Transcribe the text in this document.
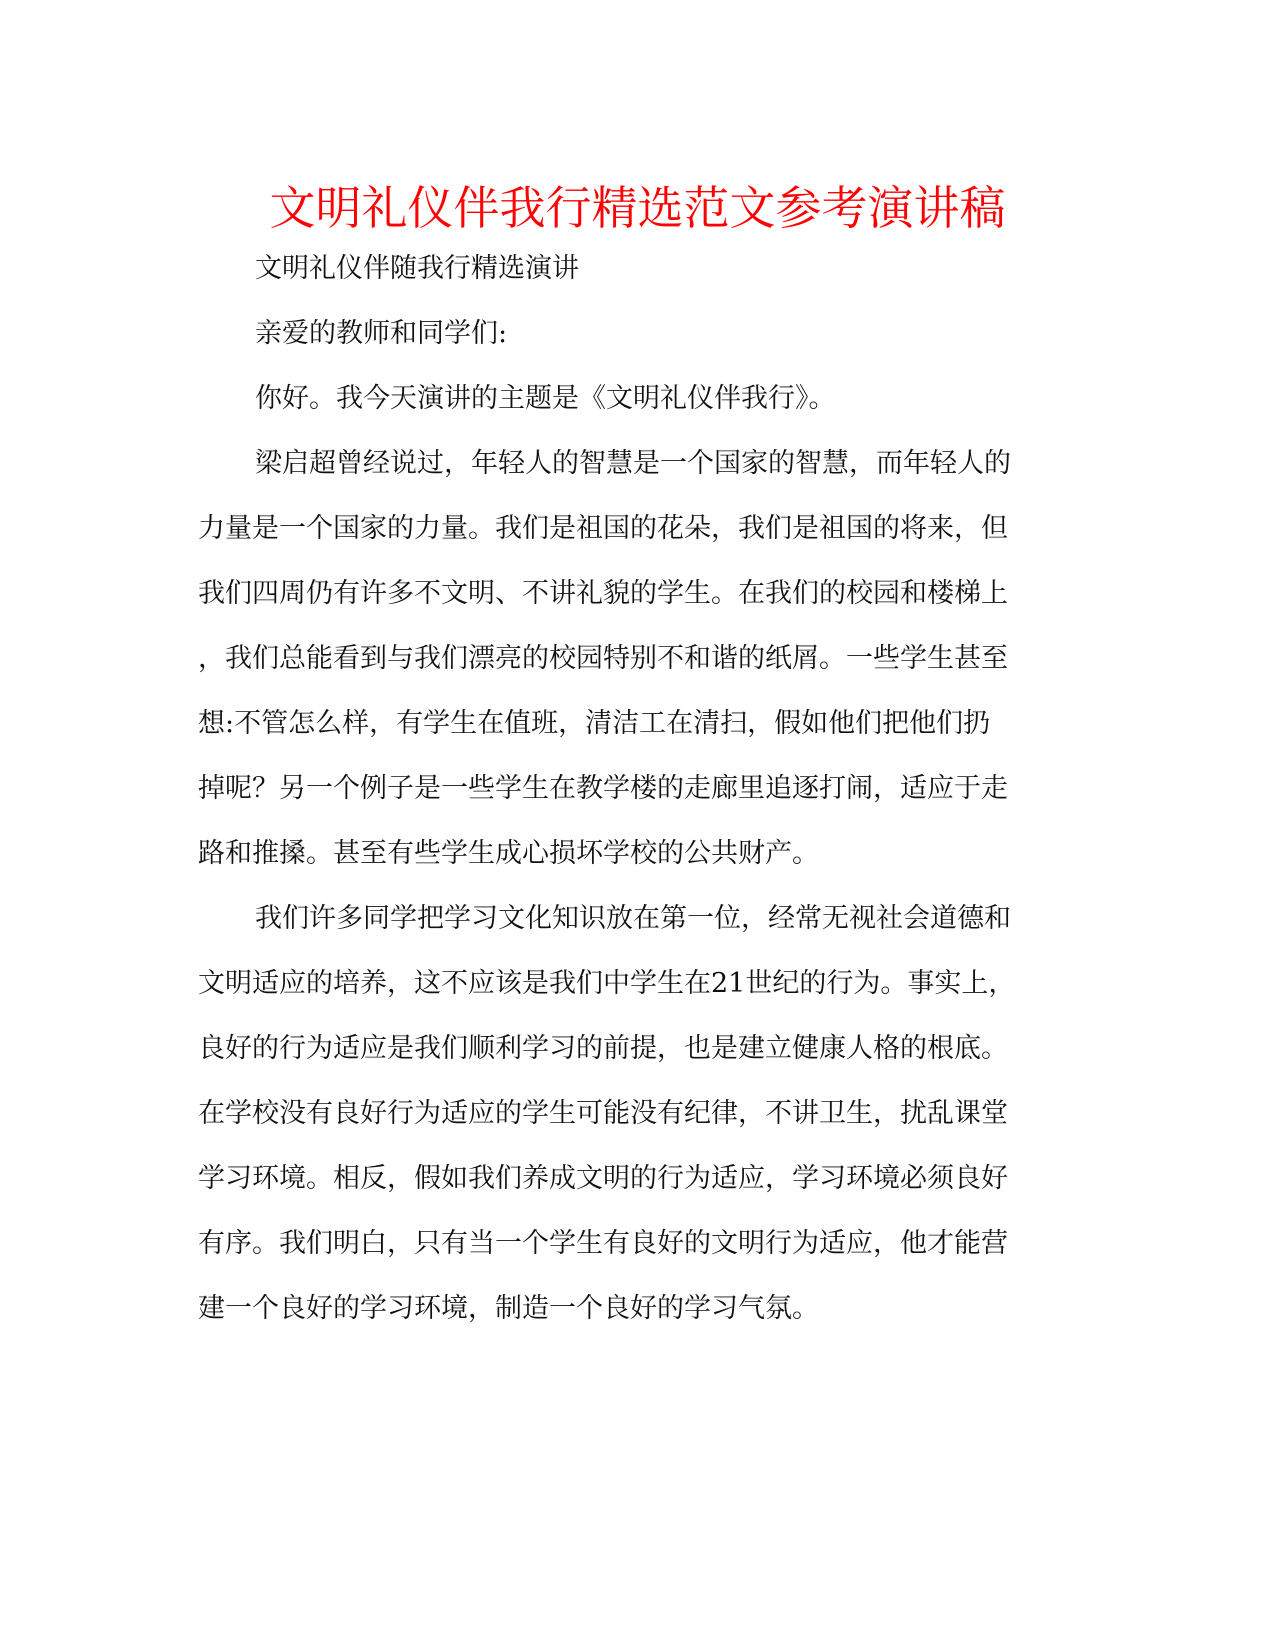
文明礼仪伴我行精选范文参考演讲稿
文明礼仪伴随我行精选演讲
亲爱的教师和同学们:
你好。我今天演讲的主题是《文明礼仪伴我行》。
梁启超曾经说过，年轻人的智慧是一个国家的智慧，而年轻人的
力量是一个国家的力量。我们是祖国的花朵，我们是祖国的将来，但
我们四周仍有许多不文明、不讲礼貌的学生。在我们的校园和楼梯上
，我们总能看到与我们漂亮的校园特别不和谐的纸屑。一些学生甚至
想:不管怎么样，有学生在值班，清洁工在清扫，假如他们把他们扔
掉呢？另一个例子是一些学生在教学楼的走廊里追逐打闹，适应于走
路和推搡。甚至有些学生成心损坏学校的公共财产。
我们许多同学把学习文化知识放在第一位，经常无视社会道德和
文明适应的培养，这不应该是我们中学生在21世纪的行为。事实上，
良好的行为适应是我们顺利学习的前提，也是建立健康人格的根底。
在学校没有良好行为适应的学生可能没有纪律，不讲卫生，扰乱课堂
学习环境。相反，假如我们养成文明的行为适应，学习环境必须良好
有序。我们明白，只有当一个学生有良好的文明行为适应，他才能营
建一个良好的学习环境，制造一个良好的学习气氛。
